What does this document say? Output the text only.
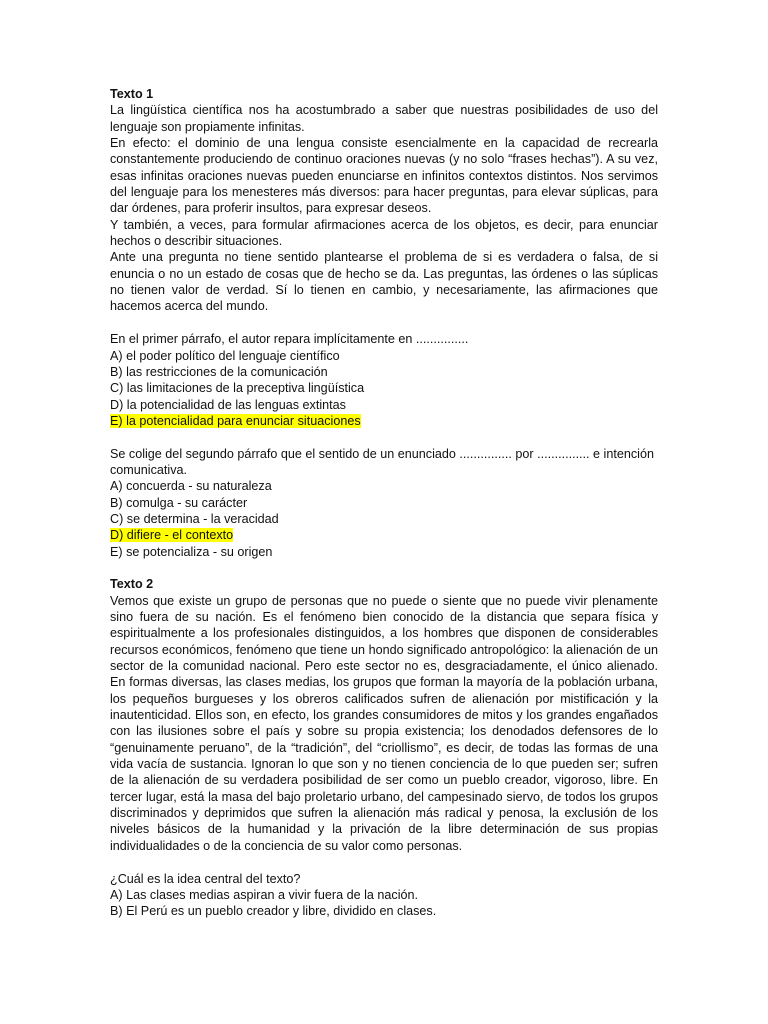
Texto 1

La lingüística científica nos ha acostumbrado a saber que nuestras posibilidades de uso del lenguaje son propiamente infinitas.

En efecto: el dominio de una lengua consiste esencialmente en la capacidad de recrearla constantemente produciendo de continuo oraciones nuevas (y no solo “frases hechas”). A su vez, esas infinitas oraciones nuevas pueden enunciarse en infinitos contextos distintos. Nos servimos del lenguaje para los menesteres más diversos: para hacer preguntas, para elevar súplicas, para dar órdenes, para proferir insultos, para expresar deseos.

Y también, a veces, para formular afirmaciones acerca de los objetos, es decir, para enunciar hechos o describir situaciones.

Ante una pregunta no tiene sentido plantearse el problema de si es verdadera o falsa, de si enuncia o no un estado de cosas que de hecho se da. Las preguntas, las órdenes o las súplicas no tienen valor de verdad. Sí lo tienen en cambio, y necesariamente, las afirmaciones que hacemos acerca del mundo.

En el primer párrafo, el autor repara implícitamente en ...............

A) el poder político del lenguaje científico

B) las restricciones de la comunicación

C) las limitaciones de la preceptiva lingüística

D) la potencialidad de las lenguas extintas

E) la potencialidad para enunciar situaciones

Se colige del segundo párrafo que el sentido de un enunciado ............... por ............... e intención comunicativa.

A) concuerda - su naturaleza

B) comulga - su carácter

C) se determina - la veracidad

D) difiere - el contexto

E) se potencializa - su origen

Texto 2

Vemos que existe un grupo de personas que no puede o siente que no puede vivir plenamente sino fuera de su nación. Es el fenómeno bien conocido de la distancia que separa física y espiritualmente a los profesionales distinguidos, a los hombres que disponen de considerables recursos económicos, fenómeno que tiene un hondo significado antropológico: la alienación de un sector de la comunidad nacional. Pero este sector no es, desgraciadamente, el único alienado. En formas diversas, las clases medias, los grupos que forman la mayoría de la población urbana, los pequeños burgueses y los obreros calificados sufren de alienación por mistificación y la inautenticidad. Ellos son, en efecto, los grandes consumidores de mitos y los grandes engañados con las ilusiones sobre el país y sobre su propia existencia; los denodados defensores de lo “genuinamente peruano”, de la “tradición”, del “criollismo”, es decir, de todas las formas de una vida vacía de sustancia. Ignoran lo que son y no tienen conciencia de lo que pueden ser; sufren de la alienación de su verdadera posibilidad de ser como un pueblo creador, vigoroso, libre. En tercer lugar, está la masa del bajo proletario urbano, del campesinado siervo, de todos los grupos discriminados y deprimidos que sufren la alienación más radical y penosa, la exclusión de los niveles básicos de la humanidad y la privación de la libre determinación de sus propias individualidades o de la conciencia de su valor como personas.

¿Cuál es la idea central del texto?

A) Las clases medias aspiran a vivir fuera de la nación.

B) El Perú es un pueblo creador y libre, dividido en clases.
